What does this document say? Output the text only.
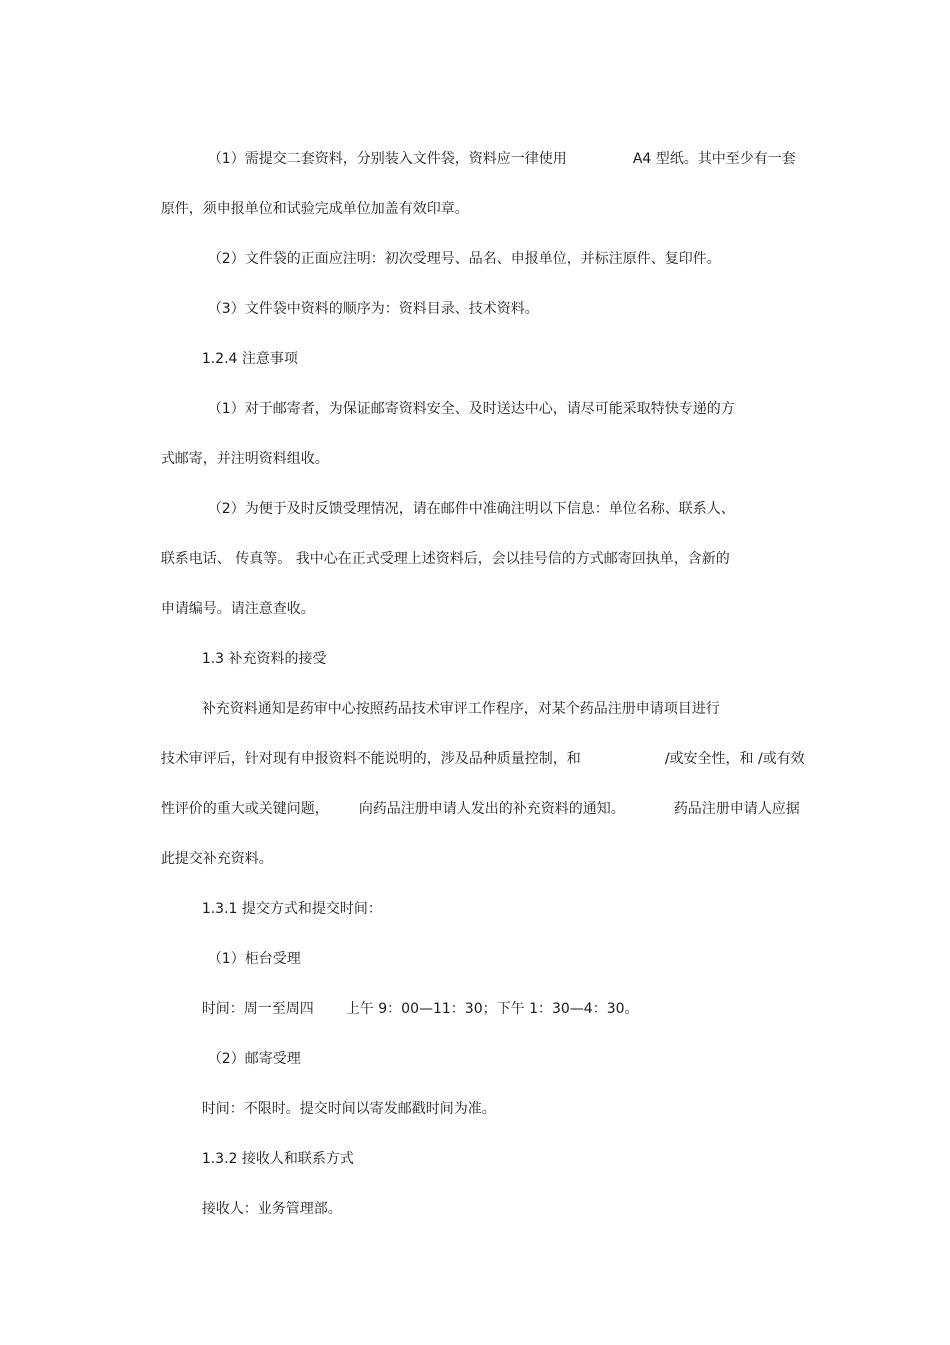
（1）需提交二套资料，分别装入文件袋，资料应一律使用
	A4 型纸。其中至少有一套

原件，须申报单位和试验完成单位加盖有效印章。

（2）文件袋的正面应注明：初次受理号、品名、申报单位，并标注原件、复印件。

（3）文件袋中资料的顺序为：资料目录、技术资料。

1.2.4 注意事项

（1）对于邮寄者，为保证邮寄资料安全、及时送达中心，请尽可能采取特快专递的方

式邮寄，并注明资料组收。

（2）为便于及时反馈受理情况，请在邮件中准确注明以下信息：单位名称、联系人、

联系电话、 传真等。 我中心在正式受理上述资料后，会以挂号信的方式邮寄回执单，含新的

申请编号。请注意查收。

1.3 补充资料的接受

补充资料通知是药审中心按照药品技术审评工作程序，对某个药品注册申请项目进行

技术审评后，针对现有申报资料不能说明的，涉及品种质量控制，和
	/或安全性，和 /或有效

性评价的重大或关键问题，
	向药品注册申请人发出的补充资料的通知。
	药品注册申请人应据

此提交补充资料。

1.3.1 提交方式和提交时间：

（1）柜台受理

时间：周一至周四
	上午 9：00—11：30；下午 1：30—4：30。

（2）邮寄受理

时间：不限时。提交时间以寄发邮戳时间为准。

1.3.2 接收人和联系方式

接收人：业务管理部。
